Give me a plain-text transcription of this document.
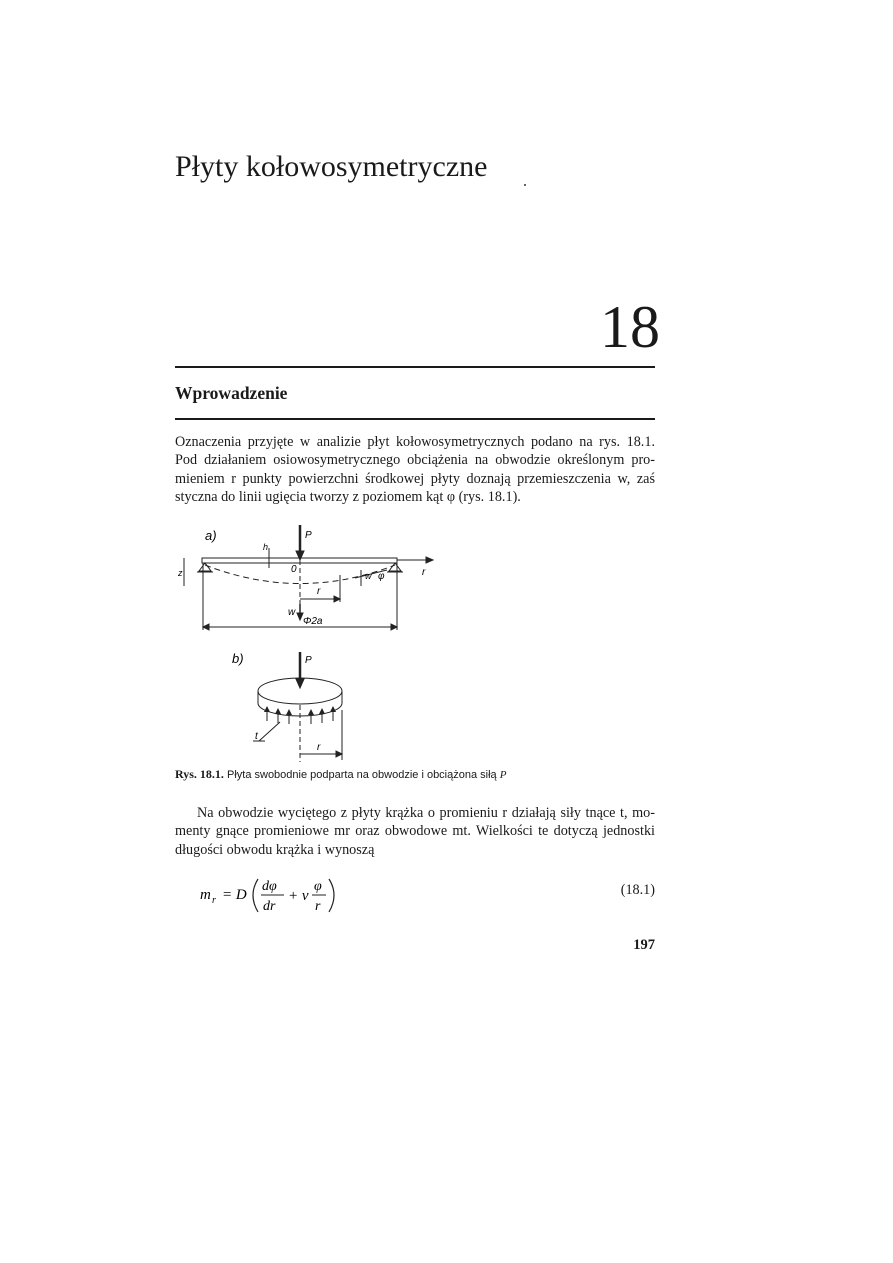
Płyty kołowosymetryczne
18
Wprowadzenie
Oznaczenia przyjęte w analizie płyt kołowosymetrycznych podano na rys. 18.1.
Pod działaniem osiowosymetrycznego obciążenia na obwodzie określonym pro-
mieniem r punkty powierzchni środkowej płyty doznają przemieszczenia w, zaś
styczna do linii ugięcia tworzy z poziomem kąt φ (rys. 18.1).
a)	P
h
z	0
w φ	r
r
w
Φ2a
b)	P
t
r
Rys. 18.1. Płyta swobodnie podparta na obwodzie i obciążona siłą P
Na obwodzie wyciętego z płyty krążka o promieniu r działają siły tnące t, mo-
menty gnące promieniowe mr oraz obwodowe mt. Wielkości te dotyczą jednostki
długości obwodu krążka i wynoszą
m r = D
dφ
dr
+ ν
φ
r
(18.1)
197
